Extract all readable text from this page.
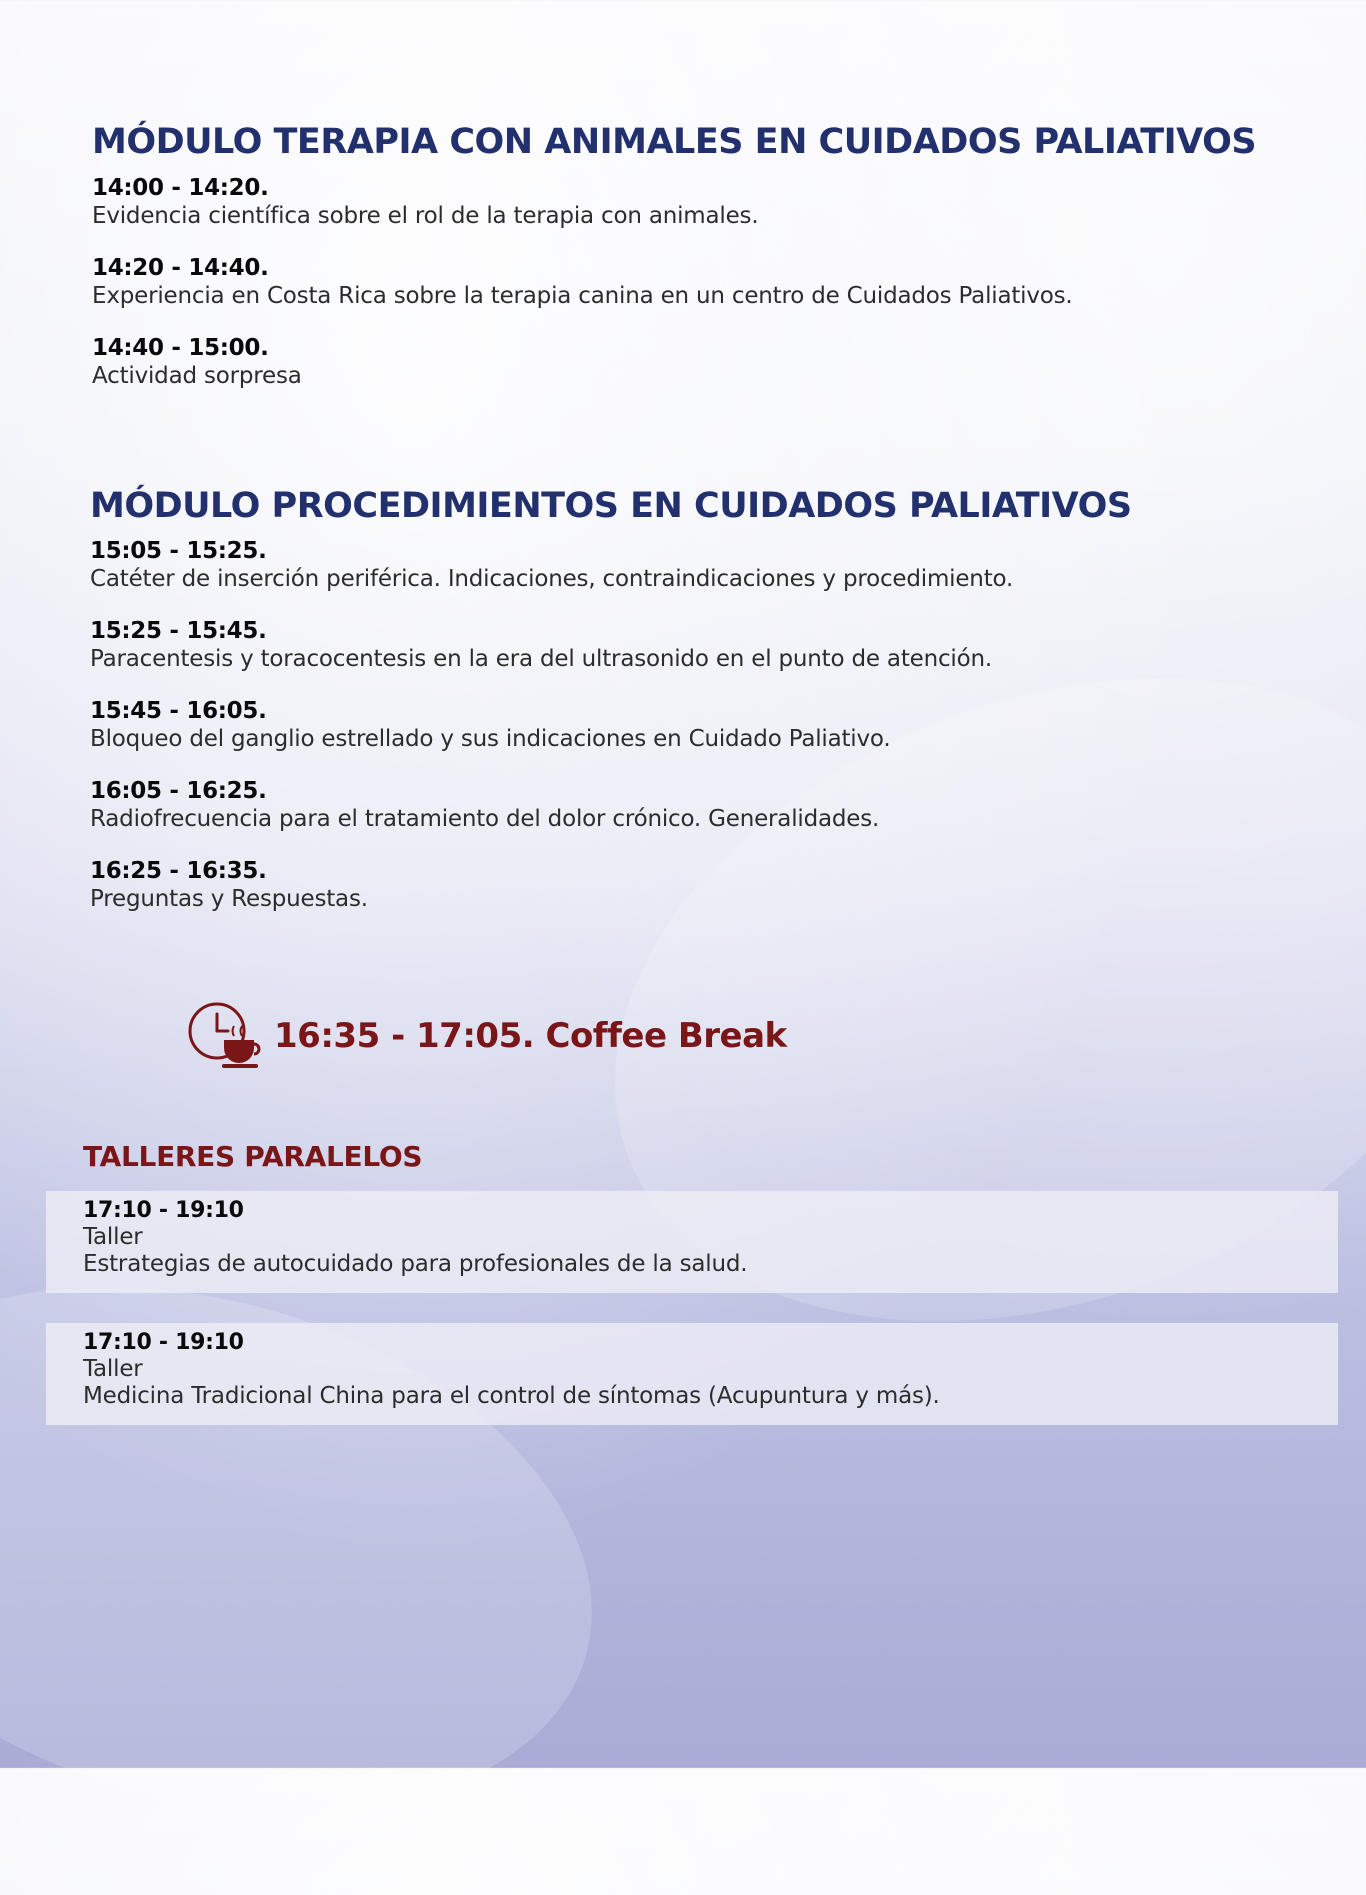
MÓDULO TERAPIA CON ANIMALES EN CUIDADOS PALIATIVOS
14:00 - 14:20.
Evidencia científica sobre el rol de la terapia con animales.
14:20 - 14:40.
Experiencia en Costa Rica sobre la terapia canina en un centro de Cuidados Paliativos.
14:40 - 15:00.
Actividad sorpresa
MÓDULO PROCEDIMIENTOS EN CUIDADOS PALIATIVOS
15:05 - 15:25.
Catéter de inserción periférica. Indicaciones, contraindicaciones y procedimiento.
15:25 - 15:45.
Paracentesis y toracocentesis en la era del ultrasonido en el punto de atención.
15:45 - 16:05.
Bloqueo del ganglio estrellado y sus indicaciones en Cuidado Paliativo.
16:05 - 16:25.
Radiofrecuencia para el tratamiento del dolor crónico. Generalidades.
16:25 - 16:35.
Preguntas y Respuestas.
16:35 - 17:05. Coffee Break
TALLERES PARALELOS
17:10 - 19:10
Taller
Estrategias de autocuidado para profesionales de la salud.
17:10 - 19:10
Taller
Medicina Tradicional China para el control de síntomas (Acupuntura y más).
